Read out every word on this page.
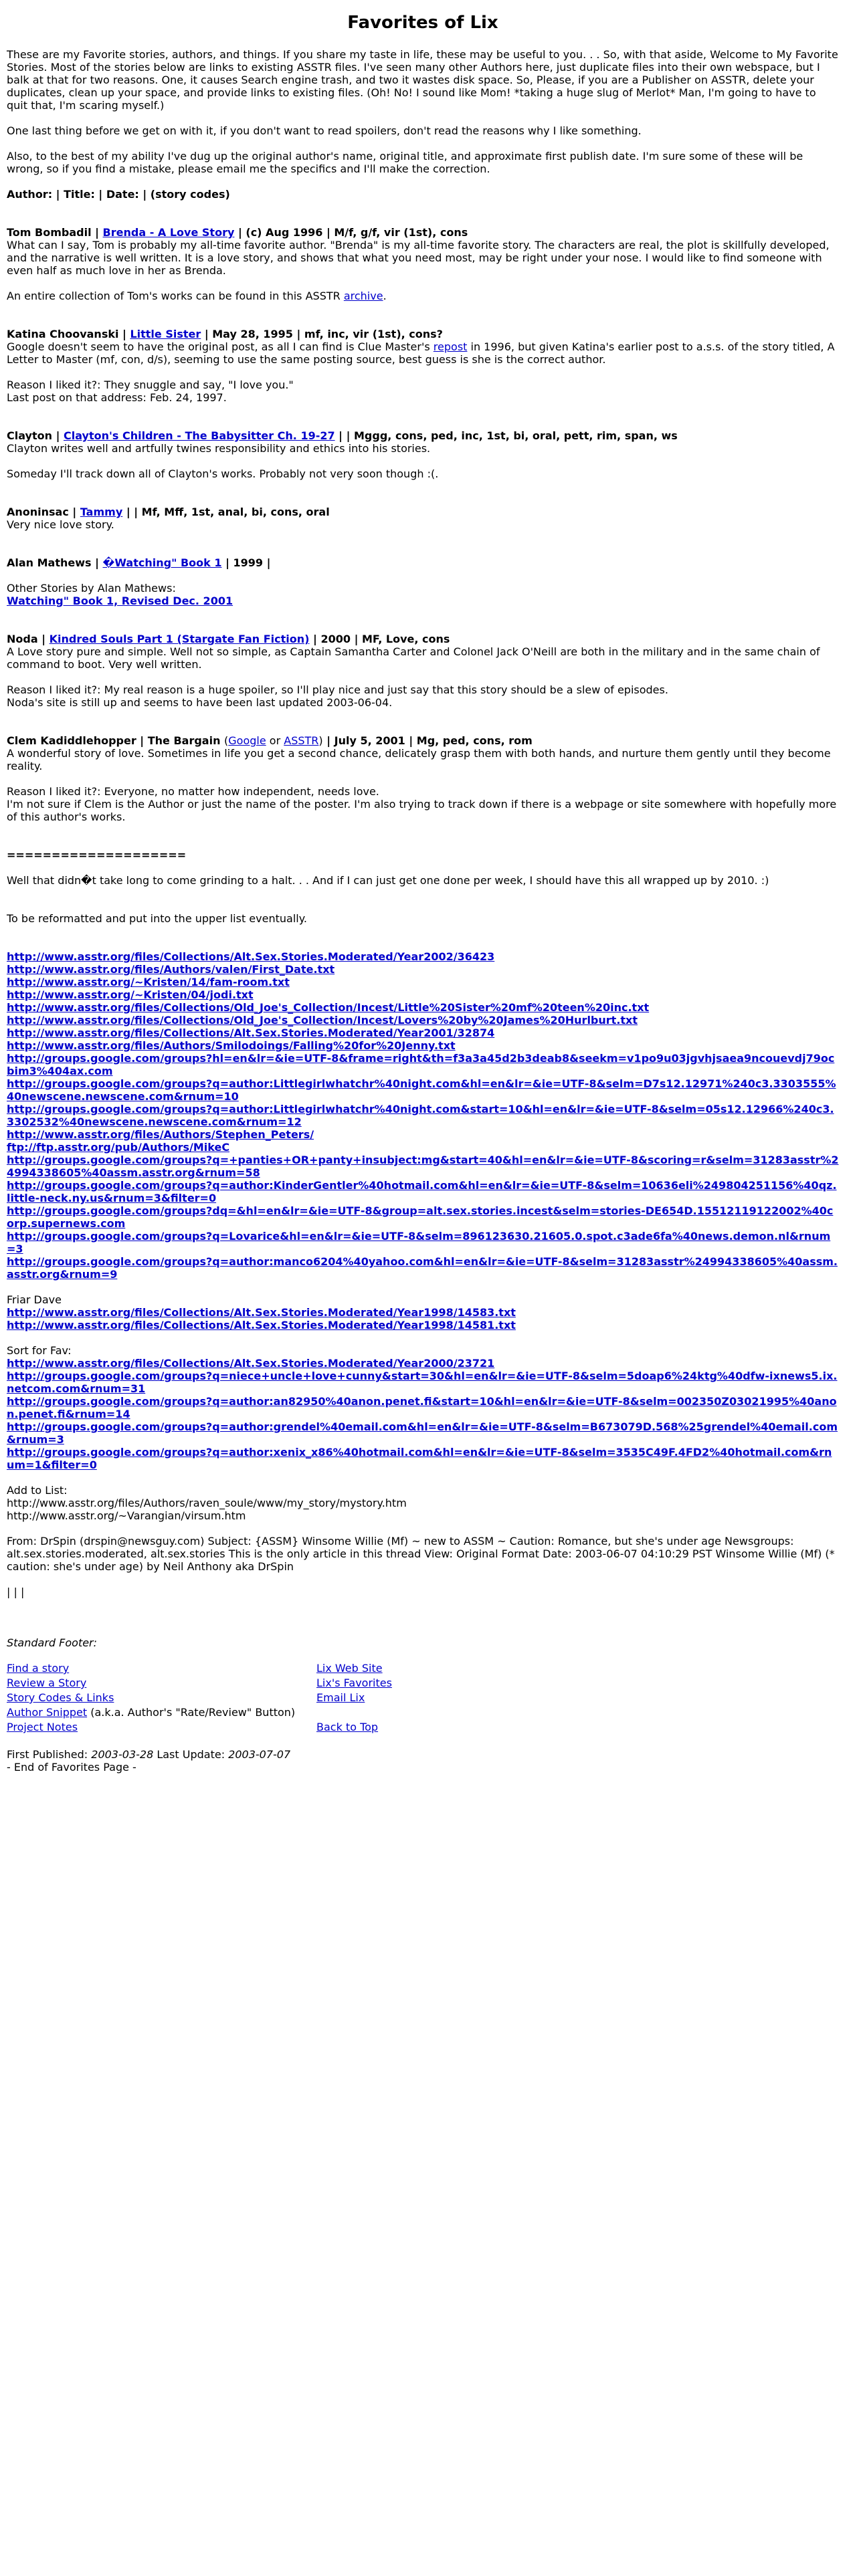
Favorites of Lix

These are my Favorite stories, authors, and things. If you share my taste in life, these may be useful to you. . . So, with that aside, Welcome to My Favorite Stories. Most of the stories below are links to existing ASSTR files. I've seen many other Authors here, just duplicate files into their own webspace, but I balk at that for two reasons. One, it causes Search engine trash, and two it wastes disk space. So, Please, if you are a Publisher on ASSTR, delete your duplicates, clean up your space, and provide links to existing files. (Oh! No! I sound like Mom! *taking a huge slug of Merlot* Man, I'm going to have to quit that, I'm scaring myself.)

One last thing before we get on with it, if you don't want to read spoilers, don't read the reasons why I like something.

Also, to the best of my ability I've dug up the original author's name, original title, and approximate first publish date. I'm sure some of these will be wrong, so if you find a mistake, please email me the specifics and I'll make the correction.

Author: | Title: | Date: | (story codes)

Tom Bombadil | Brenda - A Love Story | (c) Aug 1996 | M/f, g/f, vir (1st), cons

What can I say, Tom is probably my all-time favorite author. "Brenda" is my all-time favorite story. The characters are real, the plot is skillfully developed, and the narrative is well written. It is a love story, and shows that what you need most, may be right under your nose. I would like to find someone with even half as much love in her as Brenda.

An entire collection of Tom's works can be found in this ASSTR archive.

Katina Choovanski | Little Sister | May 28, 1995 | mf, inc, vir (1st), cons?

Google doesn't seem to have the original post, as all I can find is Clue Master's repost in 1996, but given Katina's earlier post to a.s.s. of the story titled, A Letter to Master (mf, con, d/s), seeming to use the same posting source, best guess is she is the correct author.

Reason I liked it?: They snuggle and say, "I love you."
Last post on that address: Feb. 24, 1997.

Clayton | Clayton's Children - The Babysitter Ch. 19-27 | | Mggg, cons, ped, inc, 1st, bi, oral, pett, rim, span, ws

Clayton writes well and artfully twines responsibility and ethics into his stories.

Someday I'll track down all of Clayton's works. Probably not very soon though :(.

Anoninsac | Tammy | | Mf, Mff, 1st, anal, bi, cons, oral

Very nice love story.

Alan Mathews | �Watching" Book 1 | 1999 |

Other Stories by Alan Mathews:
Watching" Book 1, Revised Dec. 2001

Noda | Kindred Souls Part 1 (Stargate Fan Fiction) | 2000 | MF, Love, cons

A Love story pure and simple. Well not so simple, as Captain Samantha Carter and Colonel Jack O'Neill are both in the military and in the same chain of command to boot. Very well written.

Reason I liked it?: My real reason is a huge spoiler, so I'll play nice and just say that this story should be a slew of episodes.
Noda's site is still up and seems to have been last updated 2003-06-04.

Clem Kadiddlehopper | The Bargain (Google or ASSTR) | July 5, 2001 | Mg, ped, cons, rom

A wonderful story of love. Sometimes in life you get a second chance, delicately grasp them with both hands, and nurture them gently until they become reality.

Reason I liked it?: Everyone, no matter how independent, needs love.
I'm not sure if Clem is the Author or just the name of the poster. I'm also trying to track down if there is a webpage or site somewhere with hopefully more of this author's works.

====================

Well that didn�t take long to come grinding to a halt. . . And if I can just get one done per week, I should have this all wrapped up by 2010. :)

To be reformatted and put into the upper list eventually.

http://www.asstr.org/files/Collections/Alt.Sex.Stories.Moderated/Year2002/36423
http://www.asstr.org/files/Authors/valen/First_Date.txt
http://www.asstr.org/~Kristen/14/fam-room.txt
http://www.asstr.org/~Kristen/04/jodi.txt
http://www.asstr.org/files/Collections/Old_Joe's_Collection/Incest/Little%20Sister%20mf%20teen%20inc.txt
http://www.asstr.org/files/Collections/Old_Joe's_Collection/Incest/Lovers%20by%20James%20Hurlburt.txt
http://www.asstr.org/files/Collections/Alt.Sex.Stories.Moderated/Year2001/32874
http://www.asstr.org/files/Authors/Smilodoings/Falling%20for%20Jenny.txt
http://groups.google.com/groups?hl=en&lr=&ie=UTF-8&frame=right&th=f3a3a45d2b3deab8&seekm=v1po9u03jgvhjsaea9ncouevdj79ocbim3%404ax.com
http://groups.google.com/groups?q=author:Littlegirlwhatchr%40night.com&hl=en&lr=&ie=UTF-8&selm=D7s12.12971%240c3.3303555%40newscene.newscene.com&rnum=10
http://groups.google.com/groups?q=author:Littlegirlwhatchr%40night.com&start=10&hl=en&lr=&ie=UTF-8&selm=05s12.12966%240c3.3302532%40newscene.newscene.com&rnum=12
http://www.asstr.org/files/Authors/Stephen_Peters/
ftp://ftp.asstr.org/pub/Authors/MikeC
http://groups.google.com/groups?q=+panties+OR+panty+insubject:mg&start=40&hl=en&lr=&ie=UTF-8&scoring=r&selm=31283asstr%24994338605%40assm.asstr.org&rnum=58
http://groups.google.com/groups?q=author:KinderGentler%40hotmail.com&hl=en&lr=&ie=UTF-8&selm=10636eli%249804251156%40qz.little-neck.ny.us&rnum=3&filter=0
http://groups.google.com/groups?dq=&hl=en&lr=&ie=UTF-8&group=alt.sex.stories.incest&selm=stories-DE654D.15512119122002%40corp.supernews.com
http://groups.google.com/groups?q=Lovarice&hl=en&lr=&ie=UTF-8&selm=896123630.21605.0.spot.c3ade6fa%40news.demon.nl&rnum=3
http://groups.google.com/groups?q=author:manco6204%40yahoo.com&hl=en&lr=&ie=UTF-8&selm=31283asstr%24994338605%40assm.asstr.org&rnum=9
Friar Dave
http://www.asstr.org/files/Collections/Alt.Sex.Stories.Moderated/Year1998/14583.txt
http://www.asstr.org/files/Collections/Alt.Sex.Stories.Moderated/Year1998/14581.txt
Sort for Fav:
http://www.asstr.org/files/Collections/Alt.Sex.Stories.Moderated/Year2000/23721
http://groups.google.com/groups?q=niece+uncle+love+cunny&start=30&hl=en&lr=&ie=UTF-8&selm=5doap6%24ktg%40dfw-ixnews5.ix.netcom.com&rnum=31
http://groups.google.com/groups?q=author:an82950%40anon.penet.fi&start=10&hl=en&lr=&ie=UTF-8&selm=002350Z03021995%40anon.penet.fi&rnum=14
http://groups.google.com/groups?q=author:grendel%40email.com&hl=en&lr=&ie=UTF-8&selm=B673079D.568%25grendel%40email.com&rnum=3
http://groups.google.com/groups?q=author:xenix_x86%40hotmail.com&hl=en&lr=&ie=UTF-8&selm=3535C49F.4FD2%40hotmail.com&rnum=1&filter=0
Add to List:
http://www.asstr.org/files/Authors/raven_soule/www/my_story/mystory.htm
http://www.asstr.org/~Varangian/virsum.htm

From: DrSpin (drspin@newsguy.com) Subject: {ASSM} Winsome Willie (Mf) ~ new to ASSM ~ Caution: Romance, but she's under age Newsgroups: alt.sex.stories.moderated, alt.sex.stories This is the only article in this thread View: Original Format Date: 2003-06-07 04:10:29 PST Winsome Willie (Mf) (* caution: she's under age) by Neil Anthony aka DrSpin

| | |

Standard Footer:

Find a story	Lix Web Site
Review a Story	Lix's Favorites
Story Codes & Links	Email Lix
Author Snippet (a.k.a. Author's "Rate/Review" Button)	
Project Notes	Back to Top
First Published: 2003-03-28 Last Update: 2003-07-07
- End of Favorites Page -
